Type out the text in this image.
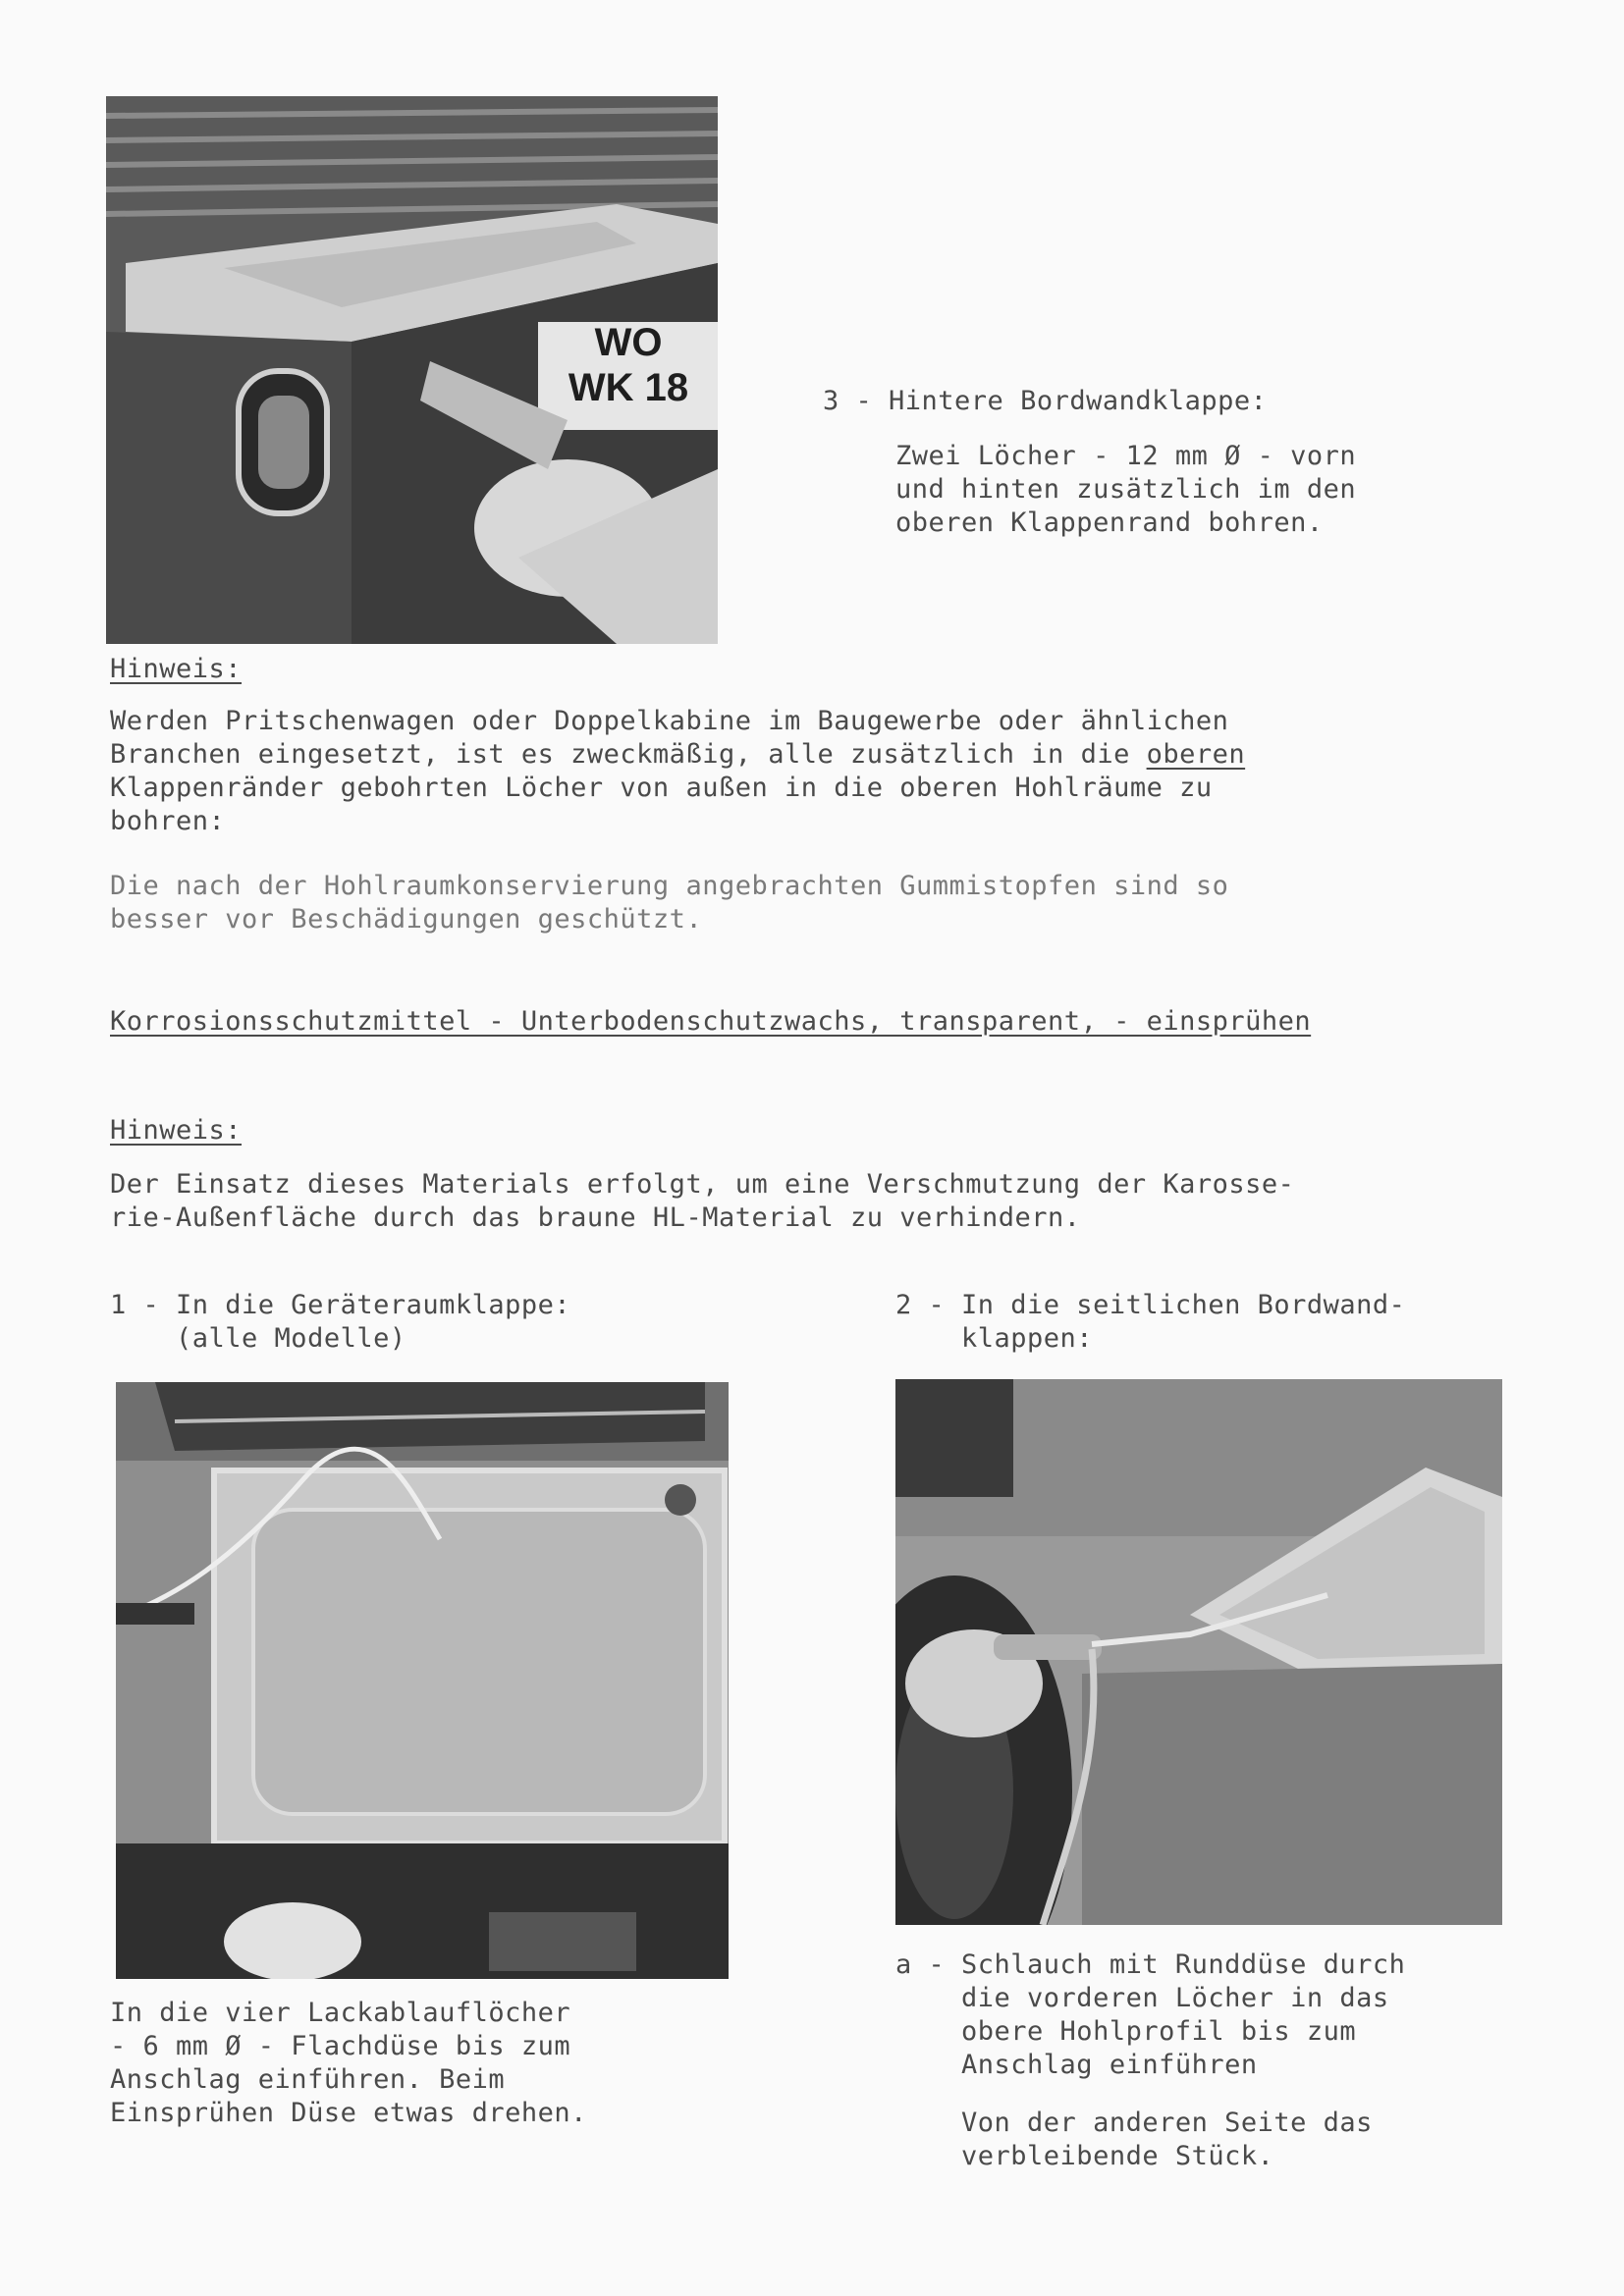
WO
WK 18	3 - Hintere Bordwandklappe:
Zwei Löcher - 12 mm Ø - vorn
und hinten zusätzlich im den
oberen Klappenrand bohren.
Hinweis:
Werden Pritschenwagen oder Doppelkabine im Baugewerbe oder ähnlichen
Branchen eingesetzt, ist es zweckmäßig, alle zusätzlich in die oberen
Klappenränder gebohrten Löcher von außen in die oberen Hohlräume zu
bohren:
Die nach der Hohlraumkonservierung angebrachten Gummistopfen sind so
besser vor Beschädigungen geschützt.
Korrosionsschutzmittel - Unterbodenschutzwachs, transparent, - einsprühen
Hinweis:
Der Einsatz dieses Materials erfolgt, um eine Verschmutzung der Karosse-
rie-Außenfläche durch das braune HL-Material zu verhindern.
1 - In die Geräteraumklappe:
(alle Modelle)
2 - In die seitlichen Bordwand-
klappen:
In die vier Lackablauflöcher
- 6 mm Ø - Flachdüse bis zum
Anschlag einführen. Beim
Einsprühen Düse etwas drehen.
a - Schlauch mit Runddüse durch
die vorderen Löcher in das
obere Hohlprofil bis zum
Anschlag einführen
Von der anderen Seite das
verbleibende Stück.
